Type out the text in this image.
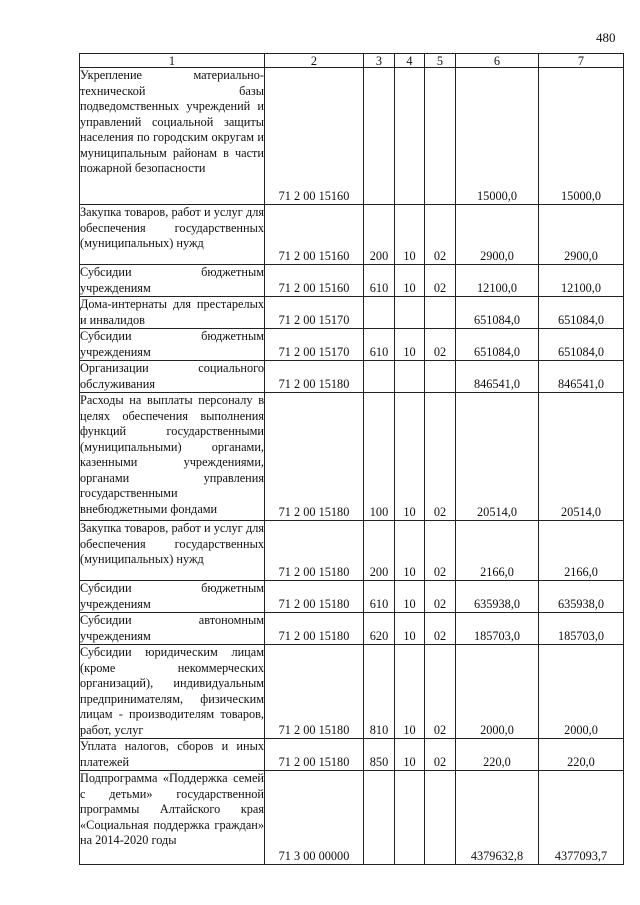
480
1	2	3	4	5	6	7
Укрепление материально-технической базы подведомственных учреждений и управлений социальной защиты населения по городским округам и муниципальным районам в части пожарной безопасности	71 2 00 15160				15000,0	15000,0
Закупка товаров, работ и услуг для обеспечения государственных (муниципальных) нужд	71 2 00 15160	200	10	02	2900,0	2900,0
Субсидии бюджетным учреждениям	71 2 00 15160	610	10	02	12100,0	12100,0
Дома-интернаты для престарелых и инвалидов	71 2 00 15170				651084,0	651084,0
Субсидии бюджетным учреждениям	71 2 00 15170	610	10	02	651084,0	651084,0
Организации социального обслуживания	71 2 00 15180				846541,0	846541,0
Расходы на выплаты персоналу в целях обеспечения выполнения функций государственными (муниципальными) органами, казенными учреждениями, органами управления государственными внебюджетными фондами	71 2 00 15180	100	10	02	20514,0	20514,0
Закупка товаров, работ и услуг для обеспечения государственных (муниципальных) нужд	71 2 00 15180	200	10	02	2166,0	2166,0
Субсидии бюджетным учреждениям	71 2 00 15180	610	10	02	635938,0	635938,0
Субсидии автономным учреждениям	71 2 00 15180	620	10	02	185703,0	185703,0
Субсидии юридическим лицам (кроме некоммерческих организаций), индивидуальным предпринимателям, физическим лицам - производителям товаров, работ, услуг	71 2 00 15180	810	10	02	2000,0	2000,0
Уплата налогов, сборов и иных платежей	71 2 00 15180	850	10	02	220,0	220,0
Подпрограмма «Поддержка семей с детьми» государственной программы Алтайского края «Социальная поддержка граждан» на 2014-2020 годы	71 3 00 00000				4379632,8	4377093,7
